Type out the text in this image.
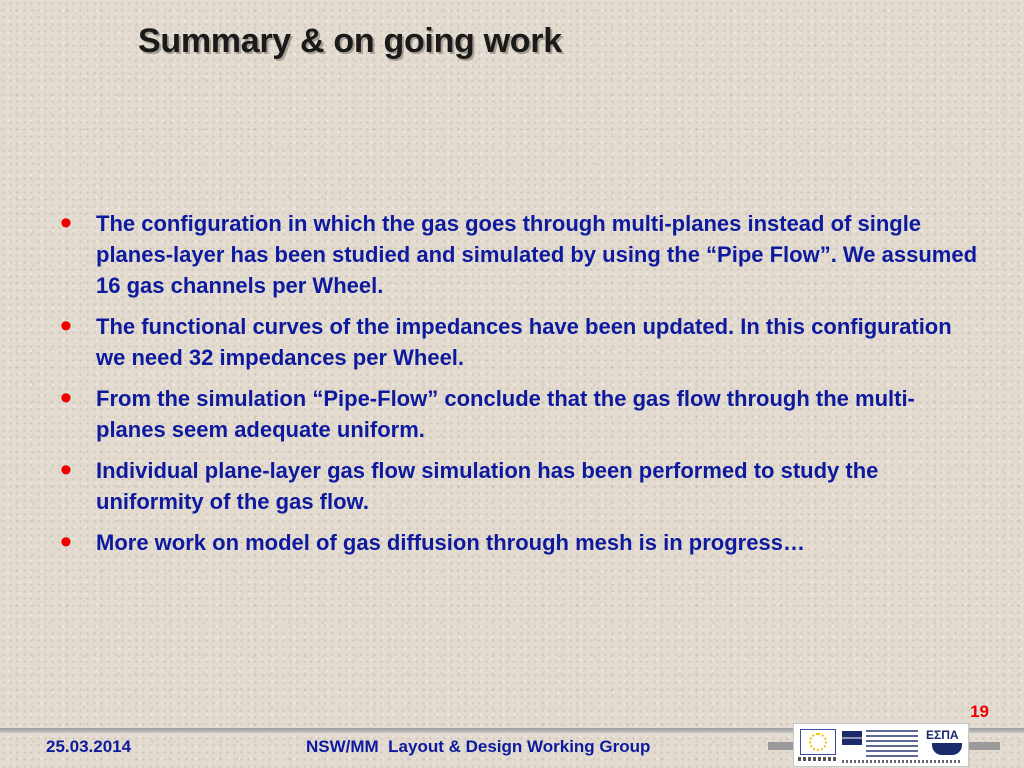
Summary & on going work
•	The configuration in which the gas goes through multi-planes instead of single planes-layer has been studied and simulated by using the “Pipe Flow”. We assumed 16 gas channels per Wheel.

•	The functional curves of the impedances have been updated. In this configuration we need 32 impedances per Wheel.

•	From the simulation “Pipe-Flow” conclude that the gas flow through the multi-planes seem adequate uniform.

•	Individual plane-layer gas flow simulation has been performed to study the uniformity of the gas flow.

•	More work on model of gas diffusion through mesh is in progress…

19
25.03.2014	NSW/MM  Layout & Design Working Group
ΕΣΠΑ
